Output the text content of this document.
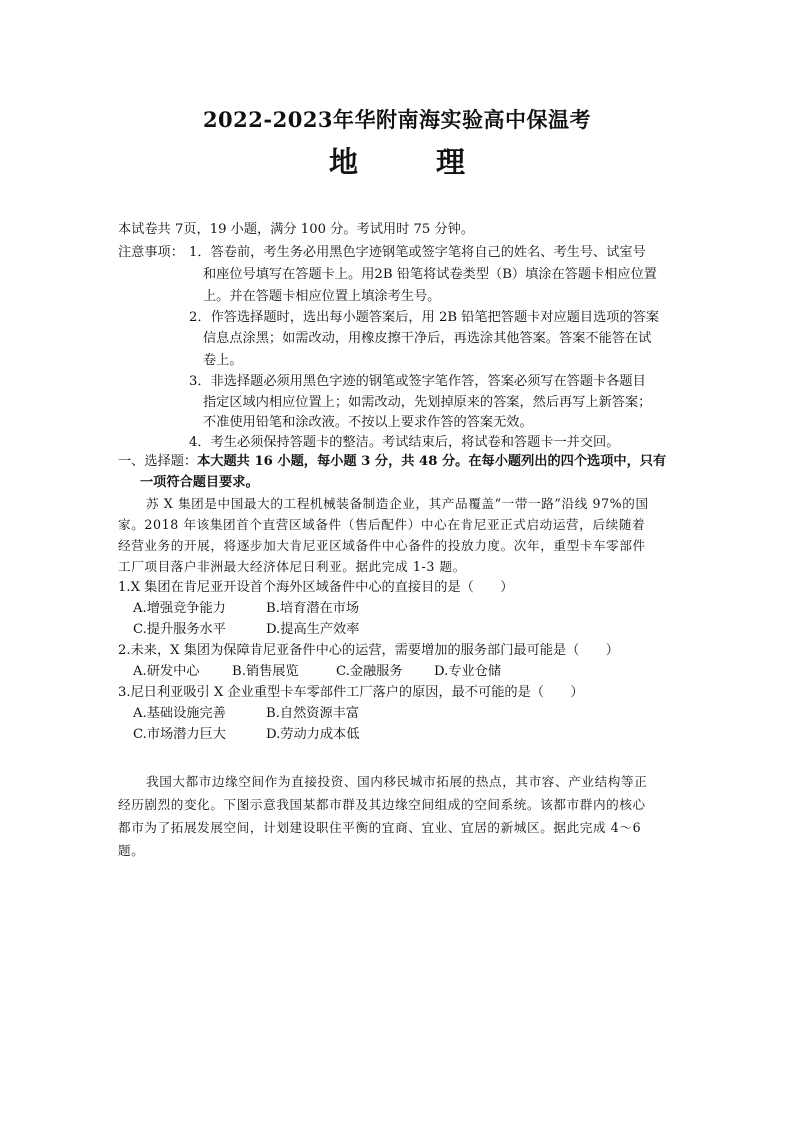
2022-2023年华附南海实验高中保温考
地 理
本试卷共 7页，19 小题，满分 100 分。考试用时 75 分钟。
注意事项： 1．答卷前，考生务必用黑色字迹钢笔或签字笔将自己的姓名、考生号、试室号
和座位号填写在答题卡上。用2B 铅笔将试卷类型（B）填涂在答题卡相应位置
上。并在答题卡相应位置上填涂考生号。
2．作答选择题时，选出每小题答案后，用 2B 铅笔把答题卡对应题目选项的答案
信息点涂黑；如需改动，用橡皮擦干净后，再选涂其他答案。答案不能答在试
卷上。
3．非选择题必须用黑色字迹的钢笔或签字笔作答，答案必须写在答题卡各题目
指定区域内相应位置上；如需改动，先划掉原来的答案，然后再写上新答案；
不准使用铅笔和涂改液。不按以上要求作答的答案无效。
4．考生必须保持答题卡的整洁。考试结束后，将试卷和答题卡一并交回。
一、选择题：本大题共 16 小题，每小题 3 分，共 48 分。在每小题列出的四个选项中，只有
一项符合题目要求。
苏 X 集团是中国最大的工程机械装备制造企业，其产品覆盖“一带一路”沿线 97%的国
家。2018 年该集团首个直营区域备件（售后配件）中心在肯尼亚正式启动运营，后续随着
经营业务的开展，将逐步加大肯尼亚区域备件中心备件的投放力度。次年，重型卡车零部件
工厂项目落户非洲最大经济体尼日利亚。据此完成 1-3 题。
1.X 集团在肯尼亚开设首个海外区域备件中心的直接目的是（　　）
A.增强竞争能力	B.培育潜在市场
C.提升服务水平	D.提高生产效率
2.未来，X 集团为保障肯尼亚备件中心的运营，需要增加的服务部门最可能是（　　）
A.研发中心 B.销售展览	C.金融服务 D.专业仓储
3.尼日利亚吸引 X 企业重型卡车零部件工厂落户的原因，最不可能的是（　　）
A.基础设施完善	B.自然资源丰富
C.市场潜力巨大	D.劳动力成本低
我国大都市边缘空间作为直接投资、国内移民城市拓展的热点，其市容、产业结构等正
经历剧烈的变化。下图示意我国某都市群及其边缘空间组成的空间系统。该都市群内的核心
都市为了拓展发展空间，计划建设职住平衡的宜商、宜业、宜居的新城区。据此完成 4～6
题。
